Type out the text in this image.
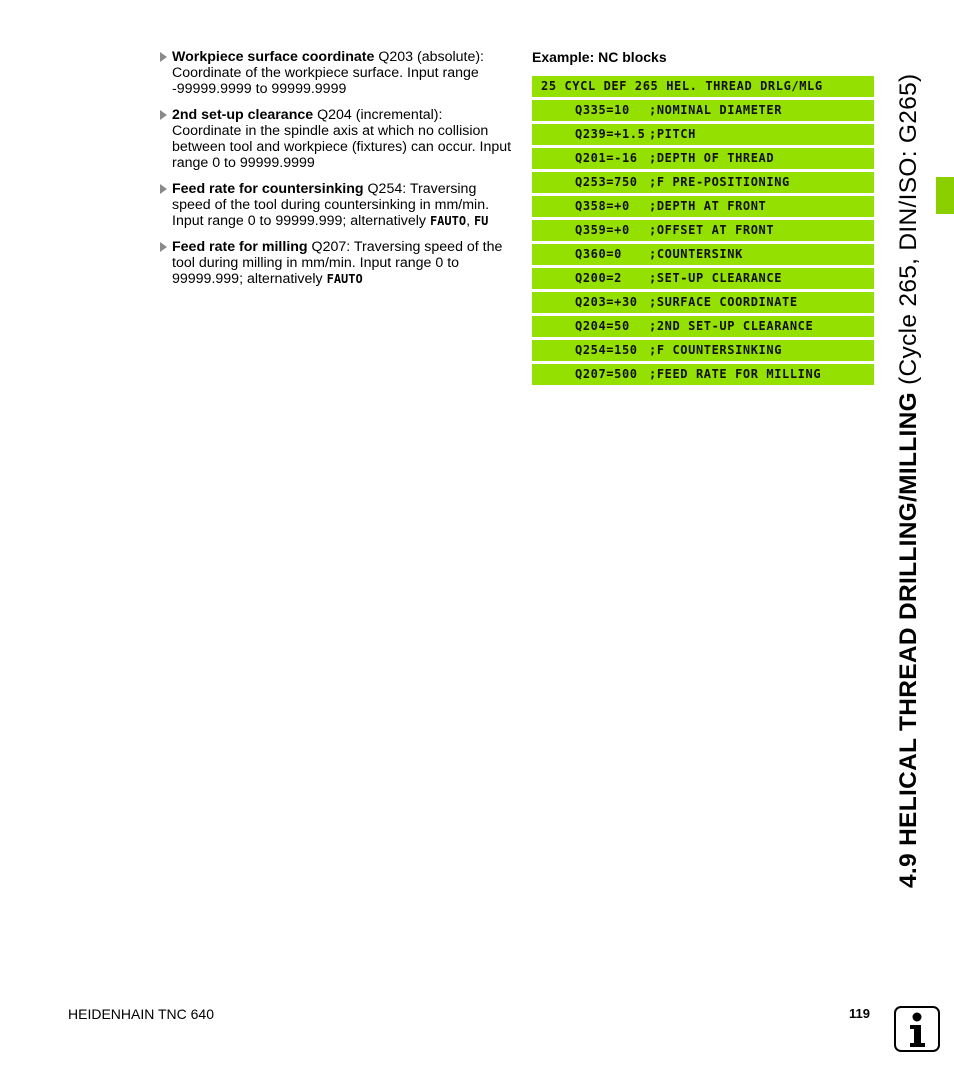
Workpiece surface coordinate Q203 (absolute): Coordinate of the workpiece surface. Input range -99999.9999 to 99999.9999
2nd set-up clearance Q204 (incremental): Coordinate in the spindle axis at which no collision between tool and workpiece (fixtures) can occur. Input range 0 to 99999.9999
Feed rate for countersinking Q254: Traversing speed of the tool during countersinking in mm/min. Input range 0 to 99999.999; alternatively FAUTO, FU
Feed rate for milling Q207: Traversing speed of the tool during milling in mm/min. Input range 0 to 99999.999; alternatively FAUTO
Example: NC blocks
25 CYCL DEF 265 HEL. THREAD DRLG/MLG
Q335=10 ;NOMINAL DIAMETER
Q239=+1.5 ;PITCH
Q201=-16 ;DEPTH OF THREAD
Q253=750 ;F PRE-POSITIONING
Q358=+0 ;DEPTH AT FRONT
Q359=+0 ;OFFSET AT FRONT
Q360=0 ;COUNTERSINK
Q200=2 ;SET-UP CLEARANCE
Q203=+30 ;SURFACE COORDINATE
Q204=50 ;2ND SET-UP CLEARANCE
Q254=150 ;F COUNTERSINKING
Q207=500 ;FEED RATE FOR MILLING
4.9 HELICAL THREAD DRILLING/MILLING (Cycle 265, DIN/ISO: G265)
HEIDENHAIN TNC 640	119
